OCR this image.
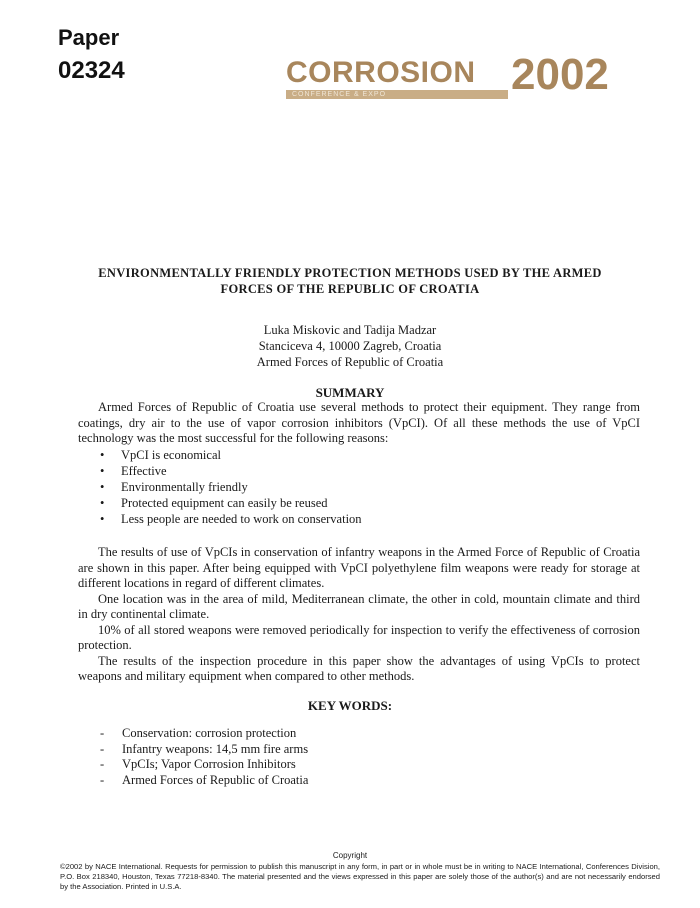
Paper
02324	CORROSION 2002
CONFERENCE & EXPO
ENVIRONMENTALLY FRIENDLY PROTECTION METHODS USED BY THE ARMED
FORCES OF THE REPUBLIC OF CROATIA
Luka Miskovic and Tadija Madzar
Stanciceva 4, 10000 Zagreb, Croatia
Armed Forces of Republic of Croatia
SUMMARY

Armed Forces of Republic of Croatia use several methods to protect their equipment. They range from coatings, dry air to the use of vapor corrosion inhibitors (VpCI). Of all these methods the use of VpCI technology was the most successful for the following reasons:

• VpCI is economical
• Effective
• Environmentally friendly
• Protected equipment can easily be reused
• Less people are needed to work on conservation

The results of use of VpCIs in conservation of infantry weapons in the Armed Force of Republic of Croatia are shown in this paper. After being equipped with VpCI polyethylene film weapons were ready for storage at different locations in regard of different climates.

One location was in the area of mild, Mediterranean climate, the other in cold, mountain climate and third in dry continental climate.

10% of all stored weapons were removed periodically for inspection to verify the effectiveness of corrosion protection.

The results of the inspection procedure in this paper show the advantages of using VpCIs to protect weapons and military equipment when compared to other methods.

KEY WORDS:
- Conservation: corrosion protection
- Infantry weapons: 14,5 mm fire arms
- VpCIs; Vapor Corrosion Inhibitors
- Armed Forces of Republic of Croatia
Copyright
©2002 by NACE International. Requests for permission to publish this manuscript in any form, in part or in whole must be in writing to NACE International, Conferences Division, P.O. Box 218340, Houston, Texas 77218-8340. The material presented and the views expressed in this paper are solely those of the author(s) and are not necessarily endorsed by the Association. Printed in U.S.A.
